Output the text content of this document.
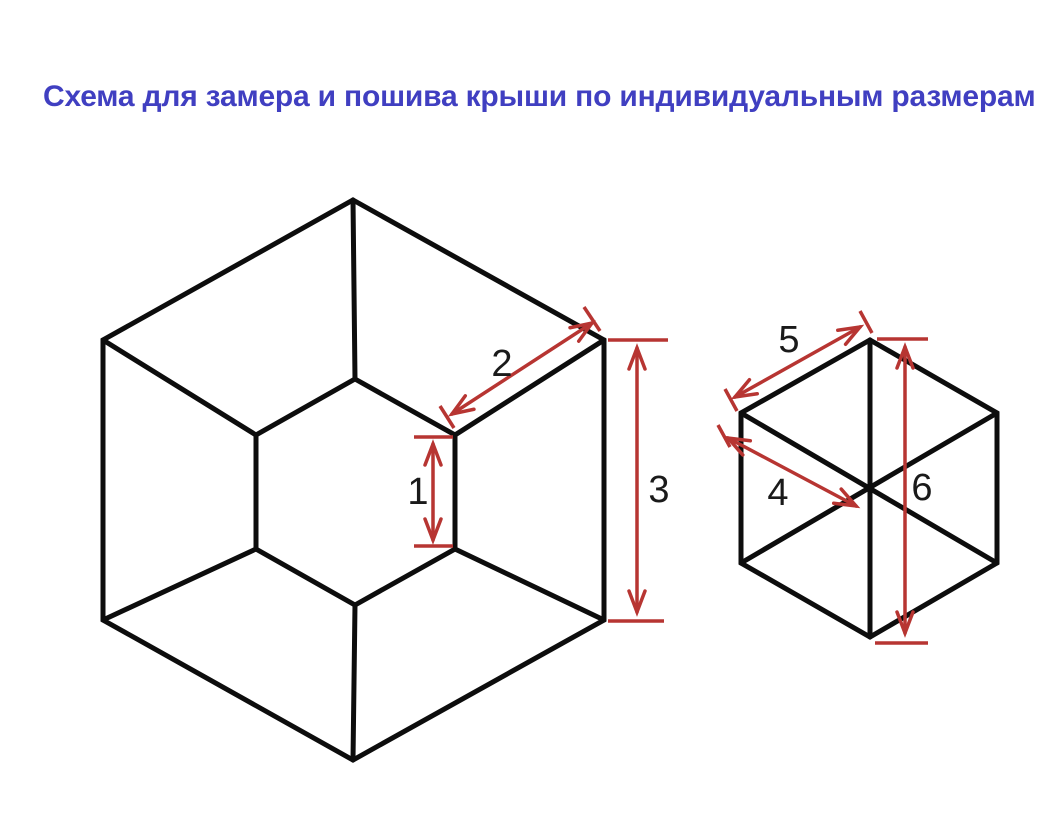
Схема для замера и пошива крыши по индивидуальным размерам
1
2
3
5
4	6
